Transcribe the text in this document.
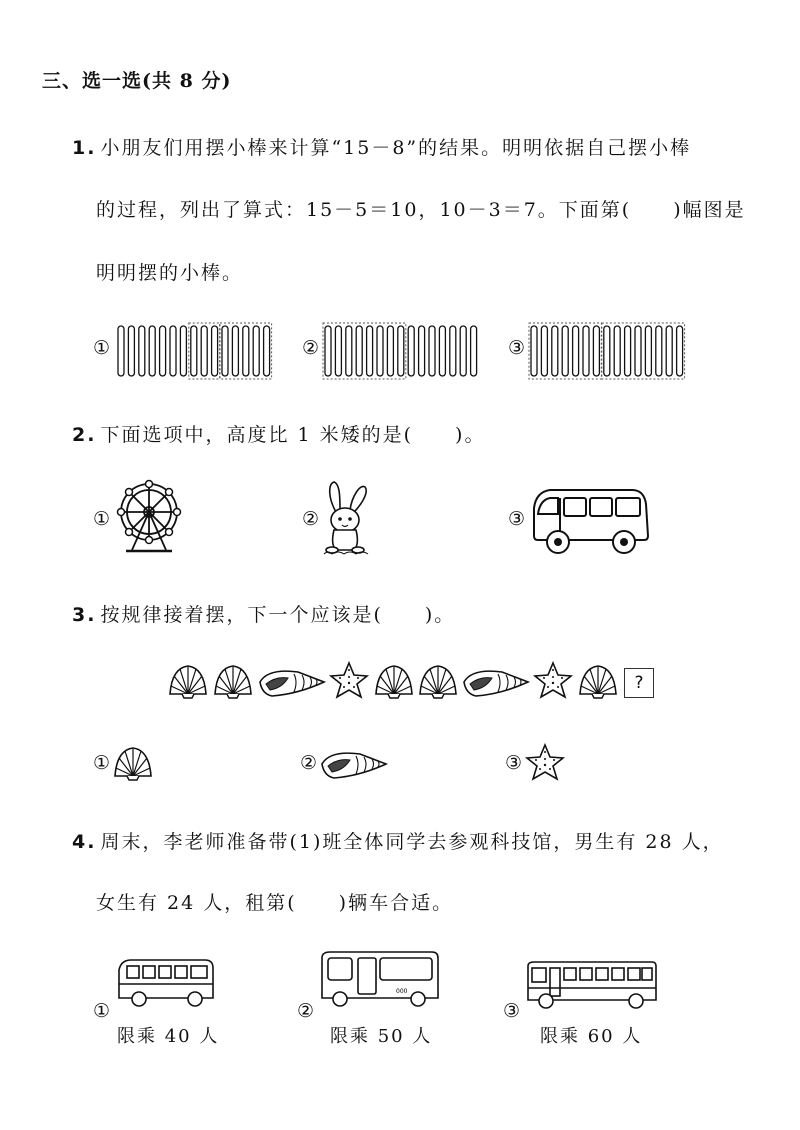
三、选一选(共 8 分)
1. 小朋友们用摆小棒来计算“15－8”的结果。明明依据自己摆小棒
的过程，列出了算式：15－5＝10，10－3＝7。下面第(　　)幅图是
明明摆的小棒。
①	②	③
2. 下面选项中，高度比 1 米矮的是(　　)。
①	②	③
3. 按规律接着摆，下一个应该是(　　)。
?
①	②	③
4. 周末，李老师准备带(1)班全体同学去参观科技馆，男生有 28 人，
女生有 24 人，租第(　　)辆车合适。
①
限乘 40 人
000
②
限乘 50 人
③
限乘 60 人
